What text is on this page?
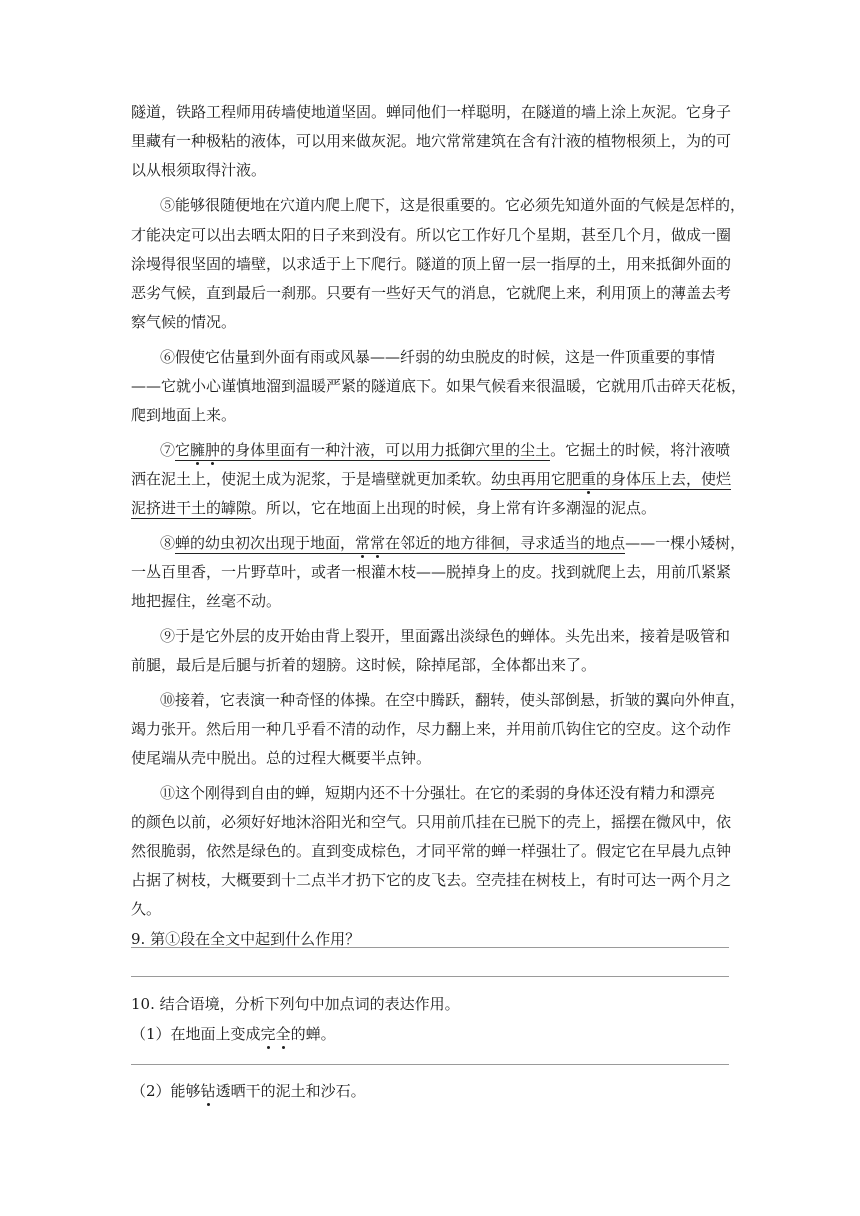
隧道，铁路工程师用砖墙使地道坚固。蝉同他们一样聪明，在隧道的墙上涂上灰泥。它身子
里藏有一种极粘的液体，可以用来做灰泥。地穴常常建筑在含有汁液的植物根须上，为的可
以从根须取得汁液。
⑤能够很随便地在穴道内爬上爬下，这是很重要的。它必须先知道外面的气候是怎样的，
才能决定可以出去晒太阳的日子来到没有。所以它工作好几个星期，甚至几个月，做成一圈
涂墁得很坚固的墙壁，以求适于上下爬行。隧道的顶上留一层一指厚的土，用来抵御外面的
恶劣气候，直到最后一刹那。只要有一些好天气的消息，它就爬上来，利用顶上的薄盖去考
察气候的情况。
⑥假使它估量到外面有雨或风暴——纤弱的幼虫脱皮的时候，这是一件顶重要的事情
——它就小心谨慎地溜到温暖严紧的隧道底下。如果气候看来很温暖，它就用爪击碎天花板，
爬到地面上来。
⑦它臃肿的身体里面有一种汁液，可以用力抵御穴里的尘土。它掘土的时候，将汁液喷
洒在泥土上，使泥土成为泥浆，于是墙壁就更加柔软。幼虫再用它肥重的身体压上去，使烂
泥挤进干土的罅隙。所以，它在地面上出现的时候，身上常有许多潮湿的泥点。
⑧蝉的幼虫初次出现于地面，常常在邻近的地方徘徊，寻求适当的地点——一棵小矮树，
一丛百里香，一片野草叶，或者一根灌木枝——脱掉身上的皮。找到就爬上去，用前爪紧紧
地把握住，丝毫不动。
⑨于是它外层的皮开始由背上裂开，里面露出淡绿色的蝉体。头先出来，接着是吸管和
前腿，最后是后腿与折着的翅膀。这时候，除掉尾部，全体都出来了。
⑩接着，它表演一种奇怪的体操。在空中腾跃，翻转，使头部倒悬，折皱的翼向外伸直，
竭力张开。然后用一种几乎看不清的动作，尽力翻上来，并用前爪钩住它的空皮。这个动作
使尾端从壳中脱出。总的过程大概要半点钟。
⑪这个刚得到自由的蝉，短期内还不十分强壮。在它的柔弱的身体还没有精力和漂亮
的颜色以前，必须好好地沐浴阳光和空气。只用前爪挂在已脱下的壳上，摇摆在微风中，依
然很脆弱，依然是绿色的。直到变成棕色，才同平常的蝉一样强壮了。假定它在早晨九点钟
占据了树枝，大概要到十二点半才扔下它的皮飞去。空壳挂在树枝上，有时可达一两个月之
久。
9. 第①段在全文中起到什么作用？
10. 结合语境，分析下列句中加点词的表达作用。
（1）在地面上变成完全的蝉。
（2）能够钻透晒干的泥土和沙石。
